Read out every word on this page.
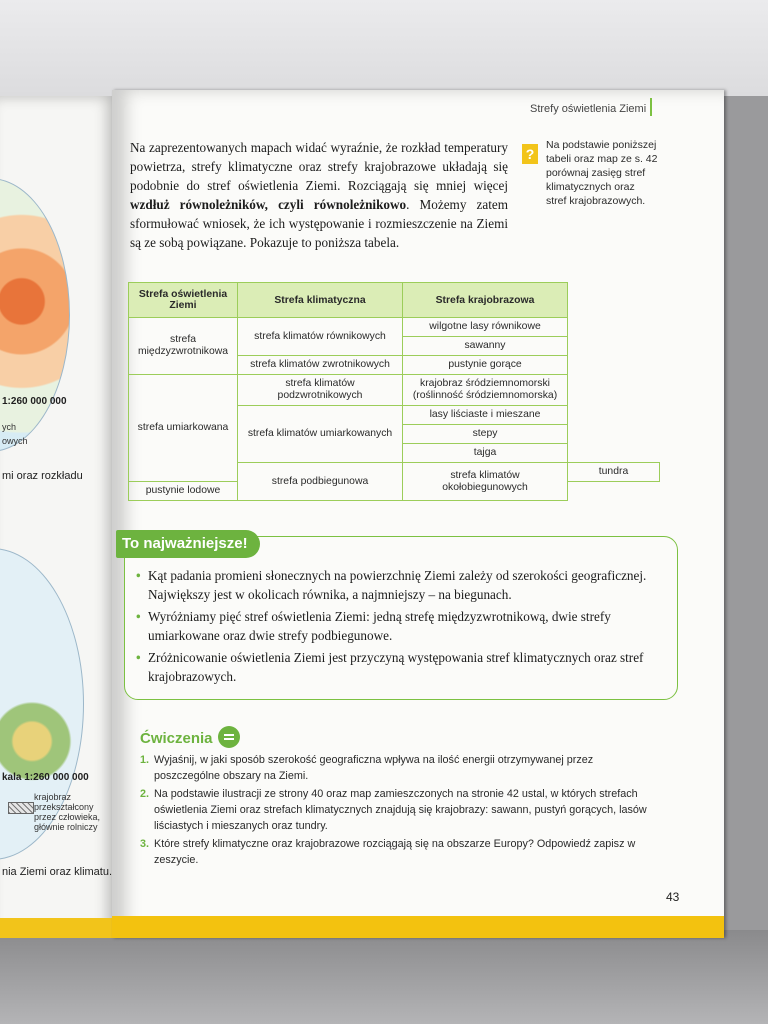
1:260 000 000
ych
owych
mi oraz rozkładu
kala 1:260 000 000
krajobraz
przekształcony
przez człowieka,
głównie rolniczy
nia Ziemi oraz klimatu.
Strefy oświetlenia Ziemi

Na zaprezentowanych mapach widać wyraźnie, że rozkład temperatury powietrza, strefy klimatyczne oraz strefy krajobrazowe układają się podobnie do stref oświetlenia Ziemi. Rozciągają się mniej więcej wzdłuż równoleżników, czyli równoleżnikowo. Możemy zatem sformułować wniosek, że ich występowanie i rozmieszczenie na Ziemi są ze sobą powiązane. Pokazuje to poniższa tabela.

?

Na podstawie poniższej tabeli oraz map ze s. 42 porównaj zasięg stref klimatycznych oraz stref krajobrazowych.

Strefa oświetlenia Ziemi	Strefa klimatyczna	Strefa krajobrazowa	
strefa międzyzwrotnikowa	strefa klimatów równikowych	wilgotne lasy równikowe	
		sawanny	
	strefa klimatów zwrotnikowych	pustynie gorące	
strefa umiarkowana	strefa klimatów podzwrotnikowych	krajobraz śródziemnomorski
(roślinność śródziemnomorska)	
	strefa klimatów umiarkowanych	lasy liściaste i mieszane	
		stepy	
		tajga	
	strefa podbiegunowa	strefa klimatów okołobiegunowych	tundra
pustynie lodowe			
To najważniejsze!
• Kąt padania promieni słonecznych na powierzchnię Ziemi zależy od szerokości geograficznej. Największy jest w okolicach równika, a najmniejszy – na biegunach.
• Wyróżniamy pięć stref oświetlenia Ziemi: jedną strefę międzyzwrotnikową, dwie strefy umiarkowane oraz dwie strefy podbiegunowe.
• Zróżnicowanie oświetlenia Ziemi jest przyczyną występowania stref klimatycznych oraz stref krajobrazowych.
Ćwiczenia
1. Wyjaśnij, w jaki sposób szerokość geograficzna wpływa na ilość energii otrzymywanej przez poszczególne obszary na Ziemi.
2. Na podstawie ilustracji ze strony 40 oraz map zamieszczonych na stronie 42 ustal, w których strefach oświetlenia Ziemi oraz strefach klimatycznych znajdują się krajobrazy: sawann, pustyń gorących, lasów liściastych i mieszanych oraz tundry.
3. Które strefy klimatyczne oraz krajobrazowe rozciągają się na obszarze Europy? Odpowiedź zapisz w zeszycie.
43
